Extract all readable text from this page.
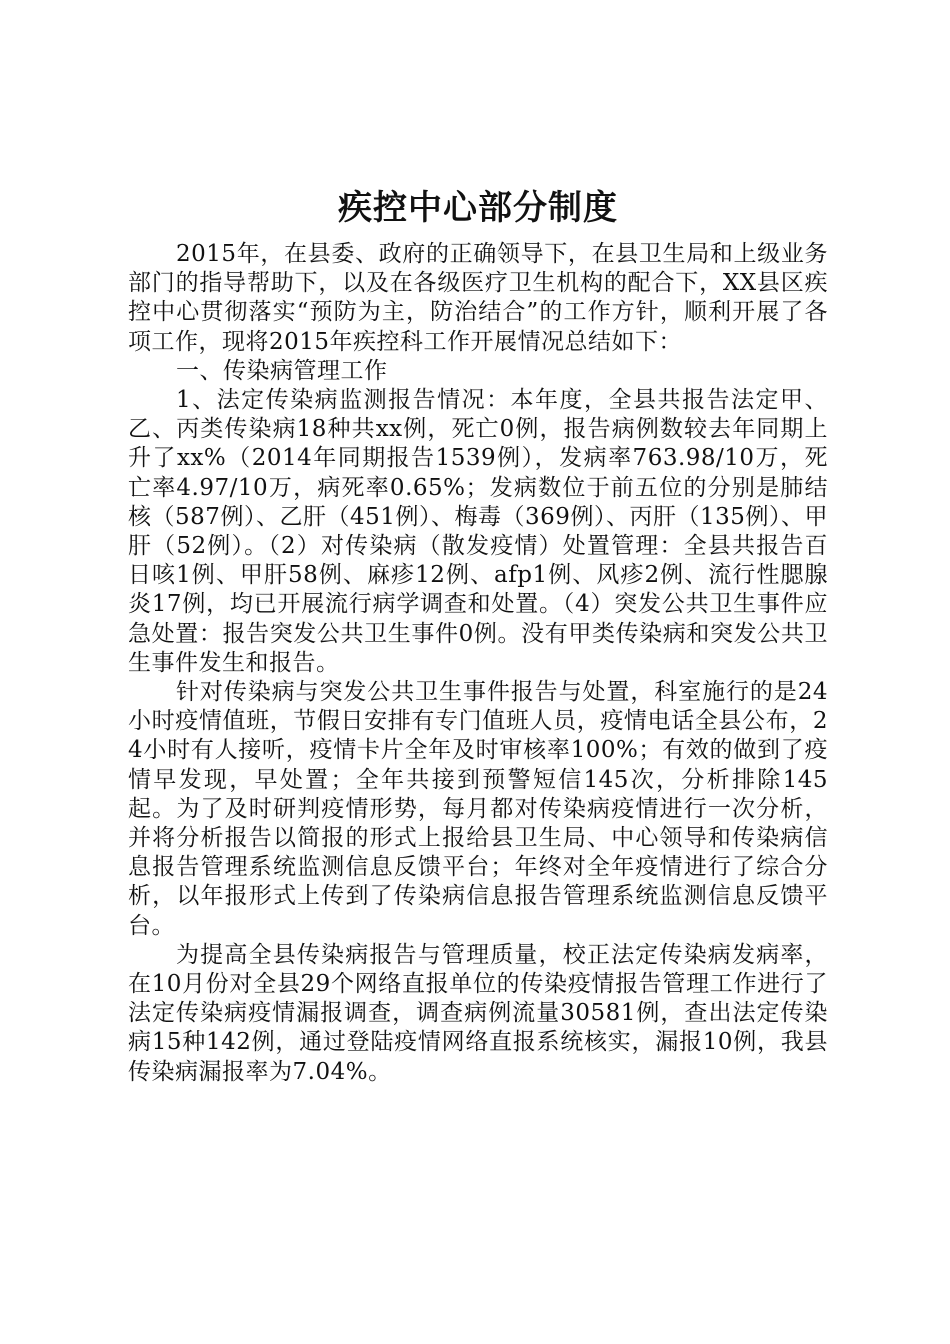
疾控中心部分制度

2015年，在县委、政府的正确领导下，在县卫生局和上级业务部门的指导帮助下，以及在各级医疗卫生机构的配合下，XX县区疾控中心贯彻落实“预防为主，防治结合”的工作方针，顺利开展了各项工作，现将2015年疾控科工作开展情况总结如下：

一、传染病管理工作

1、法定传染病监测报告情况：本年度，全县共报告法定甲、乙、丙类传染病18种共xx例，死亡0例，报告病例数较去年同期上升了xx%（2014年同期报告1539例），发病率763.98/10万，死亡率4.97/10万，病死率0.65%；发病数位于前五位的分别是肺结核（587例）、乙肝（451例）、梅毒（369例）、丙肝（135例）、甲肝（52例）。（2）对传染病（散发疫情）处置管理：全县共报告百日咳1例、甲肝58例、麻疹12例、afp1例、风疹2例、流行性腮腺炎17例，均已开展流行病学调查和处置。（4）突发公共卫生事件应急处置：报告突发公共卫生事件0例。没有甲类传染病和突发公共卫生事件发生和报告。

针对传染病与突发公共卫生事件报告与处置，科室施行的是24小时疫情值班，节假日安排有专门值班人员，疫情电话全县公布，24小时有人接听，疫情卡片全年及时审核率100%；有效的做到了疫情早发现，早处置；全年共接到预警短信145次，分析排除145起。为了及时研判疫情形势，每月都对传染病疫情进行一次分析，并将分析报告以简报的形式上报给县卫生局、中心领导和传染病信息报告管理系统监测信息反馈平台；年终对全年疫情进行了综合分析，以年报形式上传到了传染病信息报告管理系统监测信息反馈平台。

为提高全县传染病报告与管理质量，校正法定传染病发病率，在10月份对全县29个网络直报单位的传染疫情报告管理工作进行了法定传染病疫情漏报调查，调查病例流量30581例，查出法定传染病15种142例，通过登陆疫情网络直报系统核实，漏报10例，我县传染病漏报率为7.04%。
